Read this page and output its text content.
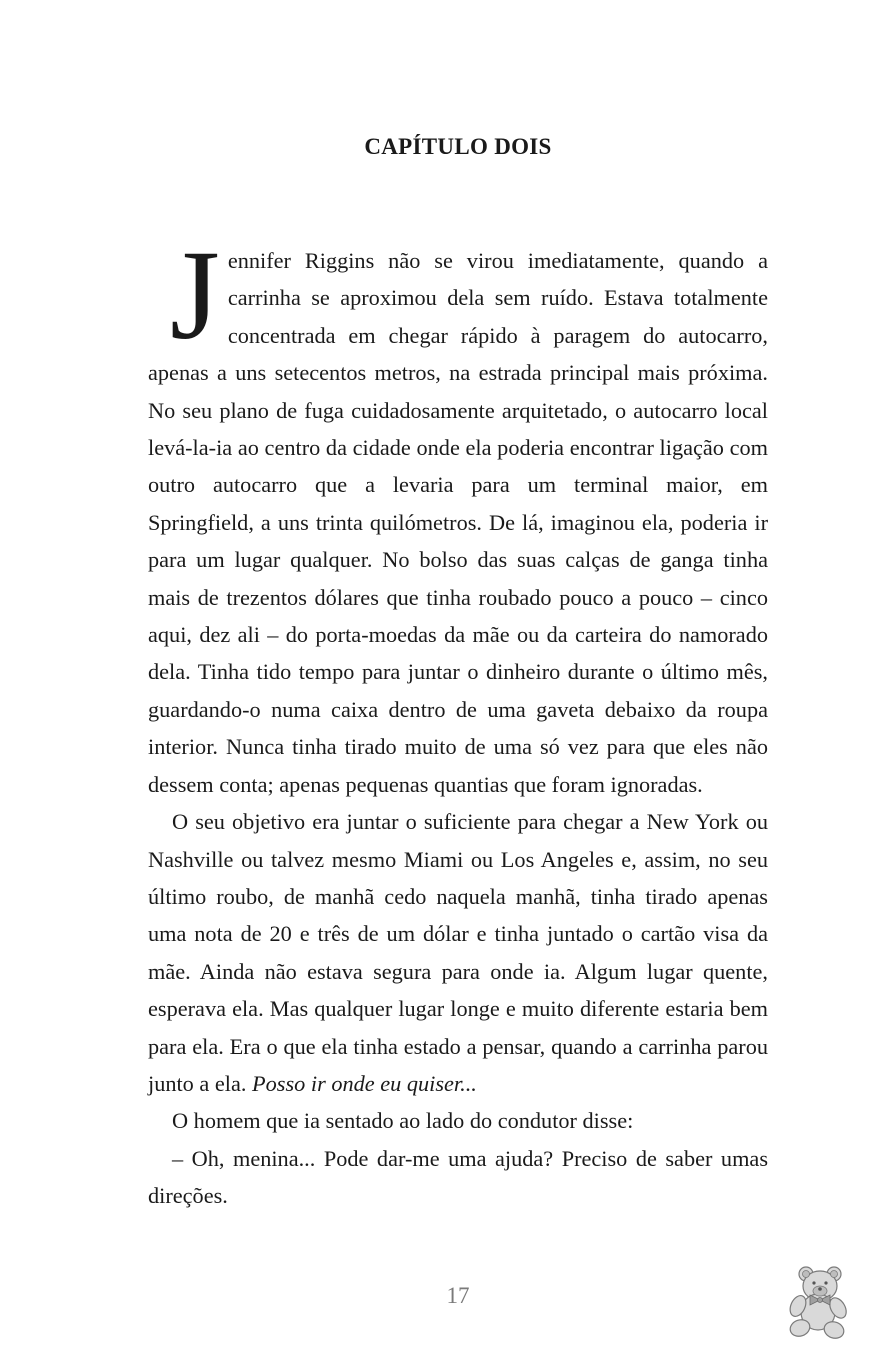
CAPÍTULO DOIS

Jennifer Riggins não se virou imediatamente, quando a carrinha se aproximou dela sem ruído. Estava totalmente concentrada em chegar rápido à paragem do autocarro, apenas a uns setecentos metros, na estrada principal mais próxima. No seu plano de fuga cuidadosamente arquitetado, o autocarro local levá-la-ia ao centro da cidade onde ela poderia encontrar ligação com outro autocarro que a levaria para um terminal maior, em Springfield, a uns trinta quilómetros. De lá, imaginou ela, poderia ir para um lugar qualquer. No bolso das suas calças de ganga tinha mais de trezentos dólares que tinha roubado pouco a pouco – cinco aqui, dez ali – do porta-moedas da mãe ou da carteira do namorado dela. Tinha tido tempo para juntar o dinheiro durante o último mês, guardando-o numa caixa dentro de uma gaveta debaixo da roupa interior. Nunca tinha tirado muito de uma só vez para que eles não dessem conta; apenas pequenas quantias que foram ignoradas.

O seu objetivo era juntar o suficiente para chegar a New York ou Nashville ou talvez mesmo Miami ou Los Angeles e, assim, no seu último roubo, de manhã cedo naquela manhã, tinha tirado apenas uma nota de 20 e três de um dólar e tinha juntado o cartão visa da mãe. Ainda não estava segura para onde ia. Algum lugar quente, esperava ela. Mas qualquer lugar longe e muito diferente estaria bem para ela. Era o que ela tinha estado a pensar, quando a carrinha parou junto a ela. Posso ir onde eu quiser...

O homem que ia sentado ao lado do condutor disse:

– Oh, menina... Pode dar-me uma ajuda? Preciso de saber umas direções.

17
